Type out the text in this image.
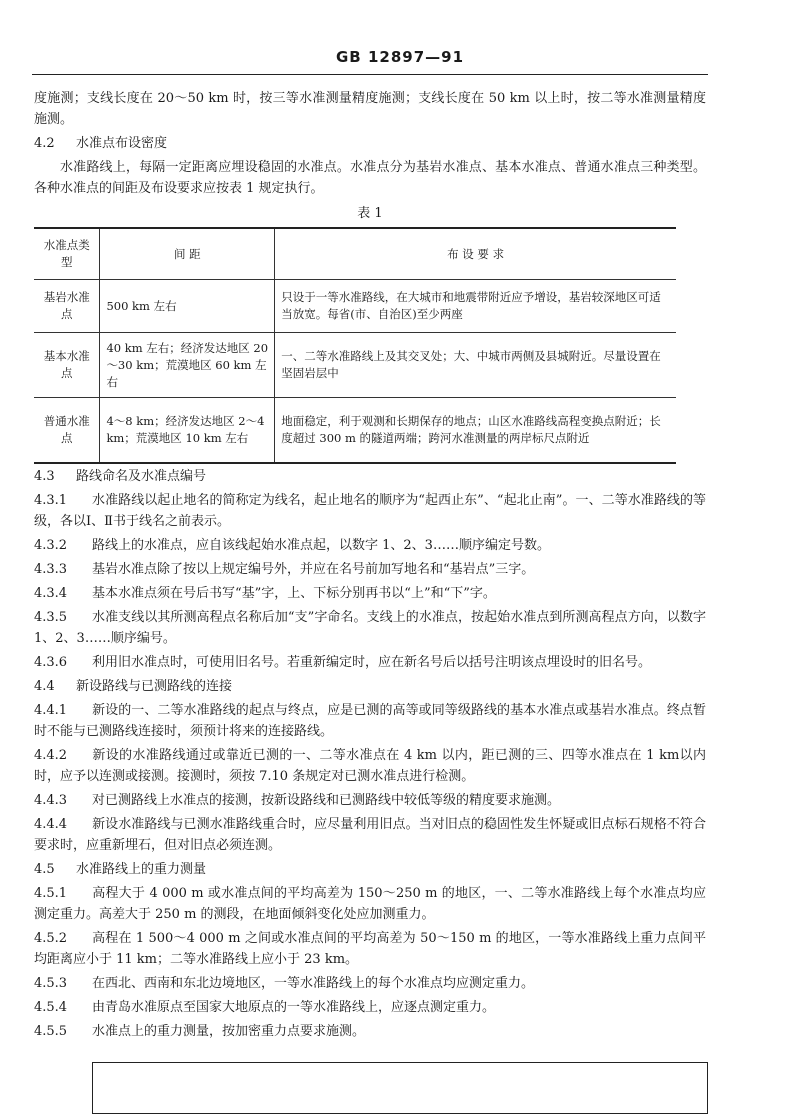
GB 12897—91

度施测；支线长度在 20～50 km 时，按三等水准测量精度施测；支线长度在 50 km 以上时，按二等水准测量精度施测。

4.2 水准点布设密度

水准路线上，每隔一定距离应埋设稳固的水准点。水准点分为基岩水准点、基本水准点、普通水准点三种类型。各种水准点的间距及布设要求应按表 1 规定执行。

表 1
水准点类型	间 距	布 设 要 求
基岩水准点	500 km 左右	只设于一等水准路线，在大城市和地震带附近应予增设，基岩较深地区可适当放宽。每省(市、自治区)至少两座
基本水准点	40 km 左右；经济发达地区 20～30 km；荒漠地区 60 km 左右	一、二等水准路线上及其交叉处；大、中城市两侧及县城附近。尽量设置在坚固岩层中
普通水准点	4～8 km；经济发达地区 2～4 km；荒漠地区 10 km 左右	地面稳定，利于观测和长期保存的地点；山区水准路线高程变换点附近；长度超过 300 m 的隧道两端；跨河水准测量的两岸标尺点附近
4.3 路线命名及水准点编号

4.3.1 水准路线以起止地名的简称定为线名，起止地名的顺序为“起西止东”、“起北止南”。一、二等水准路线的等级，各以Ⅰ、Ⅱ书于线名之前表示。

4.3.2 路线上的水准点，应自该线起始水准点起，以数字 1、2、3……顺序编定号数。

4.3.3 基岩水准点除了按以上规定编号外，并应在名号前加写地名和“基岩点”三字。

4.3.4 基本水准点须在号后书写“基”字，上、下标分别再书以“上”和“下”字。

4.3.5 水准支线以其所测高程点名称后加“支”字命名。支线上的水准点，按起始水准点到所测高程点方向，以数字 1、2、3……顺序编号。

4.3.6 利用旧水准点时，可使用旧名号。若重新编定时，应在新名号后以括号注明该点埋设时的旧名号。

4.4 新设路线与已测路线的连接

4.4.1 新设的一、二等水准路线的起点与终点，应是已测的高等或同等级路线的基本水准点或基岩水准点。终点暂时不能与已测路线连接时，须预计将来的连接路线。

4.4.2 新设的水准路线通过或靠近已测的一、二等水准点在 4 km 以内，距已测的三、四等水准点在 1 km以内时，应予以连测或接测。接测时，须按 7.10 条规定对已测水准点进行检测。

4.4.3 对已测路线上水准点的接测，按新设路线和已测路线中较低等级的精度要求施测。

4.4.4 新设水准路线与已测水准路线重合时，应尽量利用旧点。当对旧点的稳固性发生怀疑或旧点标石规格不符合要求时，应重新埋石，但对旧点必须连测。

4.5 水准路线上的重力测量

4.5.1 高程大于 4 000 m 或水准点间的平均高差为 150～250 m 的地区，一、二等水准路线上每个水准点均应测定重力。高差大于 250 m 的测段，在地面倾斜变化处应加测重力。

4.5.2 高程在 1 500～4 000 m 之间或水准点间的平均高差为 50～150 m 的地区，一等水准路线上重力点间平均距离应小于 11 km；二等水准路线上应小于 23 km。

4.5.3 在西北、西南和东北边境地区，一等水准路线上的每个水准点均应测定重力。

4.5.4 由青岛水准原点至国家大地原点的一等水准路线上，应逐点测定重力。

4.5.5 水准点上的重力测量，按加密重力点要求施测。
